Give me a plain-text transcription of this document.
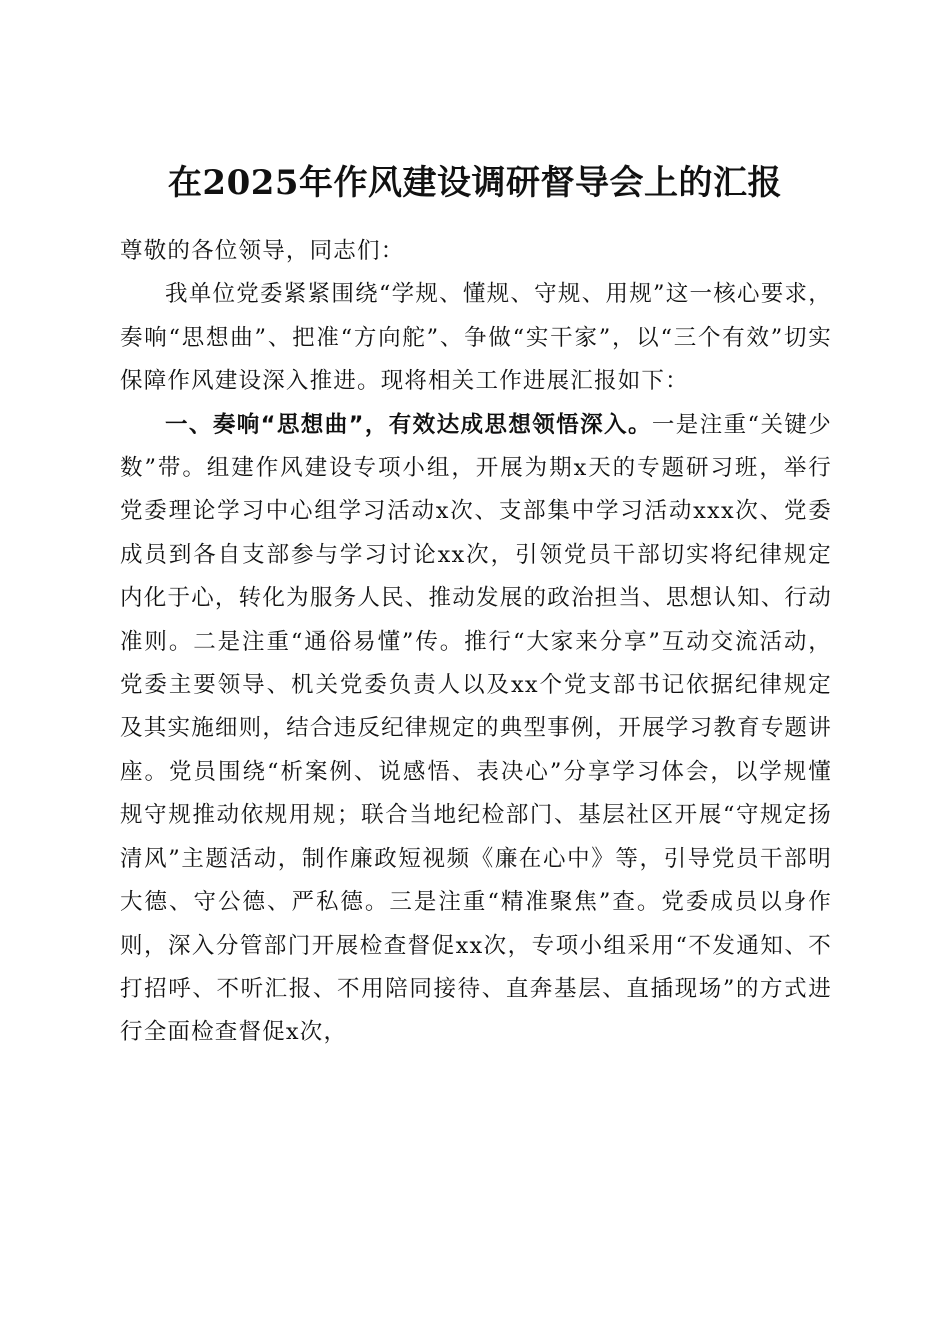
在2025年作风建设调研督导会上的汇报

尊敬的各位领导，同志们：

我单位党委紧紧围绕“学规、懂规、守规、用规”这一核心要求，奏响“思想曲”、把准“方向舵”、争做“实干家”，以“三个有效”切实保障作风建设深入推进。现将相关工作进展汇报如下：

一、奏响“思想曲”，有效达成思想领悟深入。一是注重“关键少数”带。组建作风建设专项小组，开展为期x天的专题研习班，举行党委理论学习中心组学习活动x次、支部集中学习活动xxx次、党委成员到各自支部参与学习讨论xx次，引领党员干部切实将纪律规定内化于心，转化为服务人民、推动发展的政治担当、思想认知、行动准则。二是注重“通俗易懂”传。推行“大家来分享”互动交流活动，党委主要领导、机关党委负责人以及xx个党支部书记依据纪律规定及其实施细则，结合违反纪律规定的典型事例，开展学习教育专题讲座。党员围绕“析案例、说感悟、表决心”分享学习体会，以学规懂规守规推动依规用规；联合当地纪检部门、基层社区开展“守规定扬清风”主题活动，制作廉政短视频《廉在心中》等，引导党员干部明大德、守公德、严私德。三是注重“精准聚焦”查。党委成员以身作则，深入分管部门开展检查督促xx次，专项小组采用“不发通知、不打招呼、不听汇报、不用陪同接待、直奔基层、直插现场”的方式进行全面检查督促x次，
